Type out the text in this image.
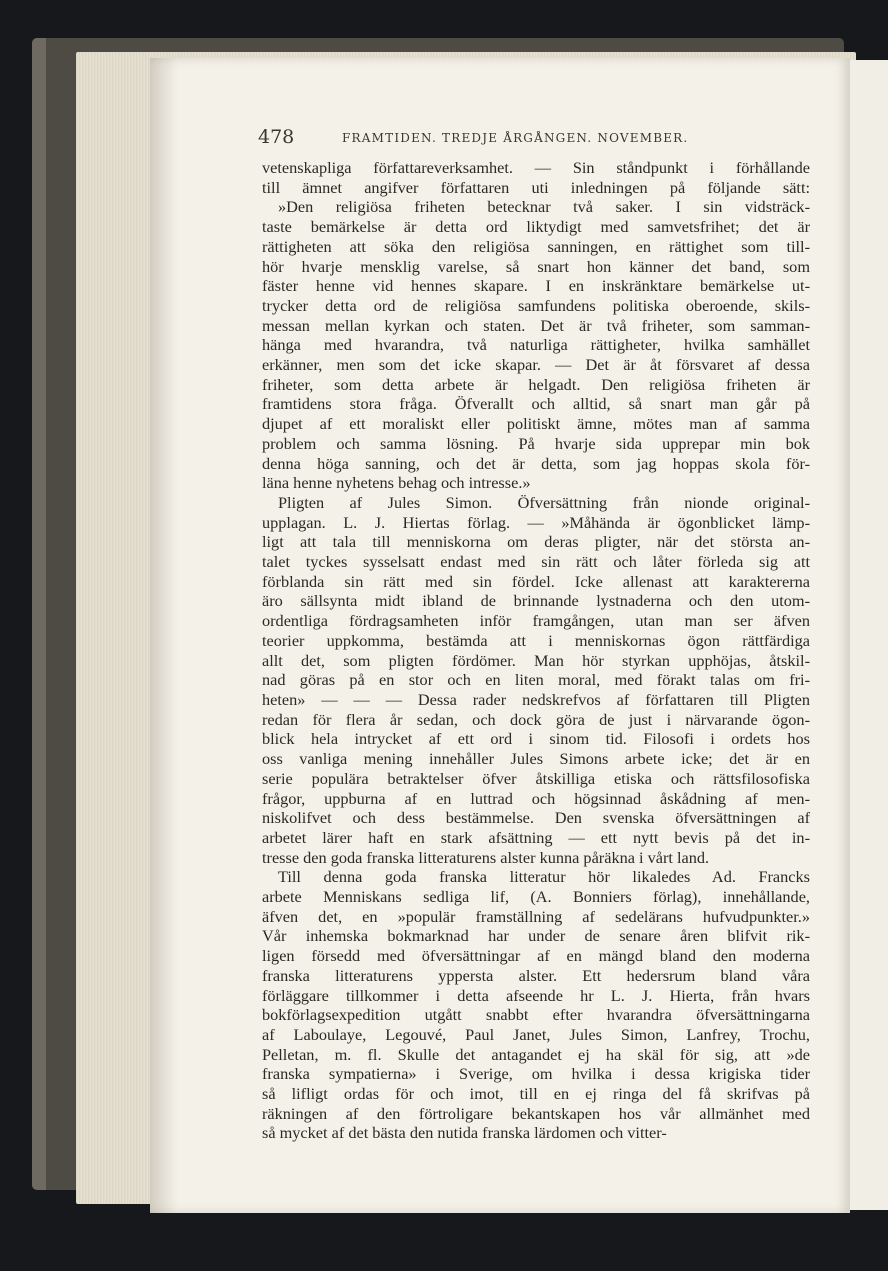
478	FRAMTIDEN. TREDJE ÅRGÅNGEN. NOVEMBER.
vetenskapliga författareverksamhet. — Sin ståndpunkt i förhållande
till ämnet angifver författaren uti inledningen på följande sätt:
»Den religiösa friheten betecknar två saker. I sin vidsträck-
taste bemärkelse är detta ord liktydigt med samvetsfrihet; det är
rättigheten att söka den religiösa sanningen, en rättighet som till-
hör hvarje mensklig varelse, så snart hon känner det band, som
fäster henne vid hennes skapare. I en inskränktare bemärkelse ut-
trycker detta ord de religiösa samfundens politiska oberoende, skils-
messan mellan kyrkan och staten. Det är två friheter, som samman-
hänga med hvarandra, två naturliga rättigheter, hvilka samhället
erkänner, men som det icke skapar. — Det är åt försvaret af dessa
friheter, som detta arbete är helgadt. Den religiösa friheten är
framtidens stora fråga. Öfverallt och alltid, så snart man går på
djupet af ett moraliskt eller politiskt ämne, mötes man af samma
problem och samma lösning. På hvarje sida upprepar min bok
denna höga sanning, och det är detta, som jag hoppas skola för-
läna henne nyhetens behag och intresse.»
Pligten af Jules Simon. Öfversättning från nionde original-
upplagan. L. J. Hiertas förlag. — »Måhända är ögonblicket lämp-
ligt att tala till menniskorna om deras pligter, när det största an-
talet tyckes sysselsatt endast med sin rätt och låter förleda sig att
förblanda sin rätt med sin fördel. Icke allenast att karaktererna
äro sällsynta midt ibland de brinnande lystnaderna och den utom-
ordentliga fördragsamheten inför framgången, utan man ser äfven
teorier uppkomma, bestämda att i menniskornas ögon rättfärdiga
allt det, som pligten fördömer. Man hör styrkan upphöjas, åtskil-
nad göras på en stor och en liten moral, med förakt talas om fri-
heten» — — — Dessa rader nedskrefvos af författaren till Pligten
redan för flera år sedan, och dock göra de just i närvarande ögon-
blick hela intrycket af ett ord i sinom tid. Filosofi i ordets hos
oss vanliga mening innehåller Jules Simons arbete icke; det är en
serie populära betraktelser öfver åtskilliga etiska och rättsfilosofiska
frågor, uppburna af en luttrad och högsinnad åskådning af men-
niskolifvet och dess bestämmelse. Den svenska öfversättningen af
arbetet lärer haft en stark afsättning — ett nytt bevis på det in-
tresse den goda franska litteraturens alster kunna påräkna i vårt land.
Till denna goda franska litteratur hör likaledes Ad. Francks
arbete Menniskans sedliga lif, (A. Bonniers förlag), innehållande,
äfven det, en »populär framställning af sedelärans hufvudpunkter.»
Vår inhemska bokmarknad har under de senare åren blifvit rik-
ligen försedd med öfversättningar af en mängd bland den moderna
franska litteraturens yppersta alster. Ett hedersrum bland våra
förläggare tillkommer i detta afseende hr L. J. Hierta, från hvars
bokförlagsexpedition utgått snabbt efter hvarandra öfversättningarna
af Laboulaye, Legouvé, Paul Janet, Jules Simon, Lanfrey, Trochu,
Pelletan, m. fl. Skulle det antagandet ej ha skäl för sig, att »de
franska sympatierna» i Sverige, om hvilka i dessa krigiska tider
så lifligt ordas för och imot, till en ej ringa del få skrifvas på
räkningen af den förtroligare bekantskapen hos vår allmänhet med
så mycket af det bästa den nutida franska lärdomen och vitter-
